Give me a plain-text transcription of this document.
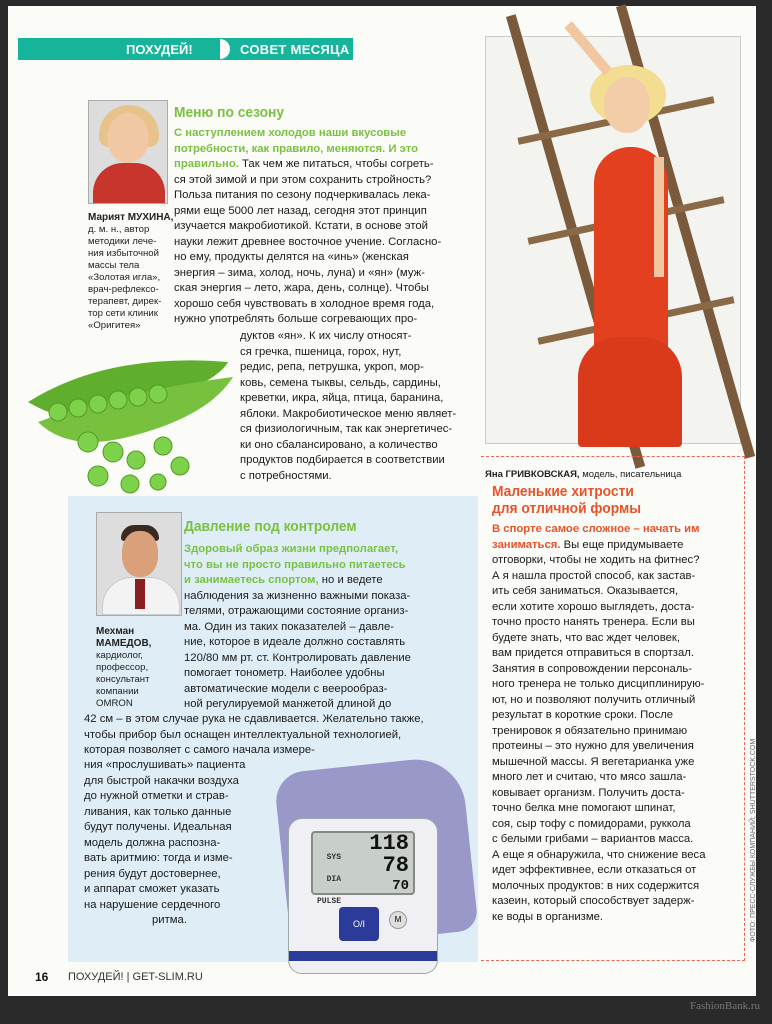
ПОХУДЕЙ!	СОВЕТ МЕСЯЦА
Марият МУХИНА,
д. м. н., автор
методики лече-
ния избыточной
массы тела
«Золотая игла»,
врач-рефлексо-
терапевт, дирек-
тор сети клиник
«Оригитея»
Меню по сезону

С наступлением холодов наши вкусовые

потребности, как правило, меняются. И это

правильно. Так чем же питаться, чтобы согреть-

ся этой зимой и при этом сохранить стройность?

Польза питания по сезону подчеркивалась лекa-

рями еще 5000 лет назад, сегодня этот принцип

изучается макробиотикой. Кстати, в основе этой

науки лежит древнее восточное учение. Согласно-

но ему, продукты делятся на «инь» (женская

энергия – зима, холод, ночь, луна) и «ян» (муж-

ская энергия – лето, жара, день, солнце). Чтобы

хорошо себя чувствовать в холодное время года,

нужно употреблять больше согревающих про-

дуктов «ян». К их числу относят-

ся гречка, пшеница, горох, нут,

редис, репа, петрушка, укроп, мор-

ковь, семена тыквы, сельдь, сардины,

креветки, икра, яйца, птица, баранина,

яблоки. Макробиотическое меню являет-

ся физиологичным, так как энергетичес-

ки оно сбалансировано, а количество

продуктов подбирается в соответствии

с потребностями.

Мехман МАМЕДОВ,
кардиолог,
профессор,
консультант
компании
OMRON
Давление под контролем

Здоровый образ жизни предполагает,

что вы не просто правильно питаетесь

и занимаетесь спортом, но и ведете

наблюдения за жизненно важными показа-

телями, отражающими состояние организ-

ма. Один из таких показателей – давле-

ние, которое в идеале должно составлять

120/80 мм рт. ст. Контролировать давление

помогает тонометр. Наиболее удобны

автоматические модели с веерообраз-

ной регулируемой манжетой длиной до

42 см – в этом случае рука не сдавливается. Желательно также,

чтобы прибор был оснащен интеллектуальной технологией,

которая позволяет с самого начала измере-

ния «прослушивать» пациента

для быстрой накачки воздуха

до нужной отметки и страв-

ливания, как только данные

будут получены. Идеальная

модель должна распозна-

вать аритмию: тогда и изме-

рения будут достовернее,

и аппарат сможет указать

на нарушение сердечного

ритма.

SYS
DIA
PULSE
118
78
70
O/I	M
Яна ГРИВКОВСКАЯ, модель, писательница
Маленькие хитрости
для отличной формы

В спорте самое сложное – начать им

заниматься. Вы еще придумываете

отговорки, чтобы не ходить на фитнес?

А я нашла простой способ, как застав-

ить себя заниматься. Оказывается,

если хотите хорошо выглядеть, доста-

точно просто нанять тренера. Если вы

будете знать, что вас ждет человек,

вам придется отправиться в спортзал.

Занятия в сопровождении персональ-

ного тренера не только дисциплинирую-

ют, но и позволяют получить отличный

результат в короткие сроки. После

тренировок я обязательно принимаю

протеины – это нужно для увеличения

мышечной массы. Я вегетарианка уже

много лет и считаю, что мясо зашла-

ковывает организм. Получить доста-

точно белка мне помогают шпинат,

соя, сыр тофу с помидорами, руккола

с белыми грибами – вариантов масса.

А еще я обнаружила, что снижение веса

идет эффективнее, если отказаться от

молочных продуктов: в них содержится

казеин, который способствует задерж-

ке воды в организме.	ФОТО: ПРЕСС-СЛУЖБЫ КОМПАНИЙ; SHUTTERSTOCK.COM
16 ПОХУДЕЙ! | GET-SLIM.RU
FashionBank.ru
